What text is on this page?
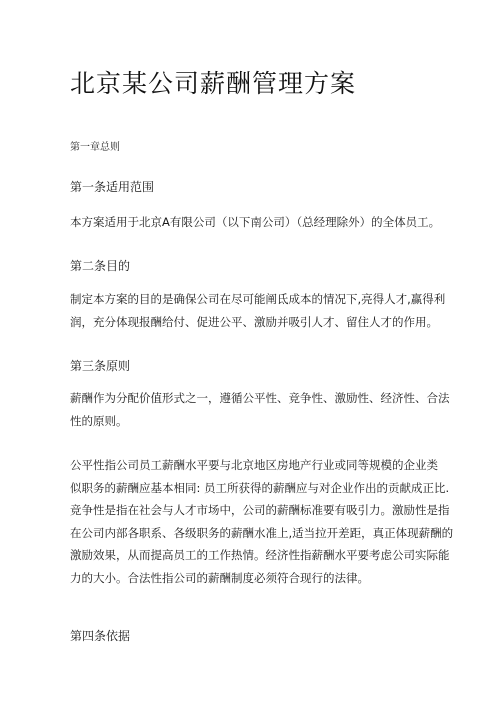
北京某公司薪酬管理方案
第一章总则
第一条适用范围
本方案适用于北京A有限公司（以下南公司）（总经理除外）的全体员工。
第二条目的
制定本方案的目的是确保公司在尽可能阐氐成本的情况下,亮得人才,赢得利
润，充分体现报酬给付、促进公平、激励并吸引人才、留住人才的作用。
第三条原则
薪酬作为分配价值形式之一，遵循公平性、竞争性、激励性、经济性、合法
性的原则。
公平性指公司员工薪酬水平要与北京地区房地产行业或同等规模的企业类
似职务的薪酬应基本相同: 员工所获得的薪酬应与对企业作出的贡献成正比.
竞争性是指在社会与人才市场中，公司的薪酬标准要有吸引力。激励性是指
在公司内部各职系、各级职务的薪酬水准上,适当拉开差距，真正体现薪酬的
激励效果，从而提高员工的工作热情。经济性指薪酬水平要考虑公司实际能
力的大小。合法性指公司的薪酬制度必须符合现行的法律。
第四条依据
